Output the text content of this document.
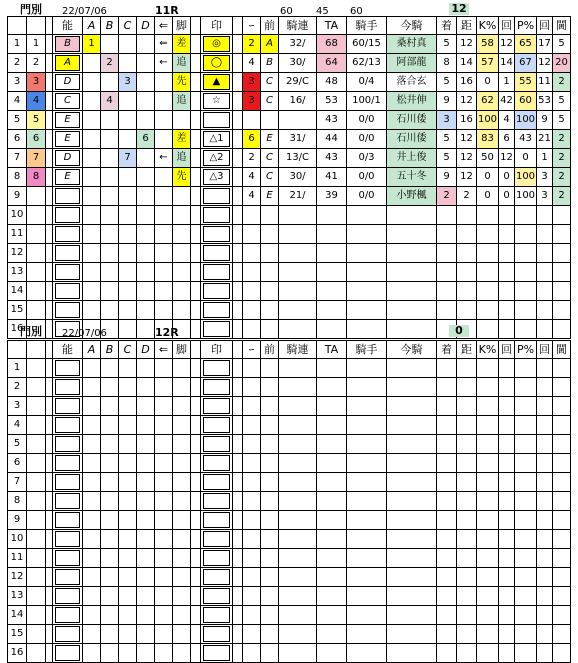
門別 22/07/06	11R	60 45 60	12
			能	A	B	C	D	⇐	脚		印		ｰ	前	騎連	TA	騎手	今騎	着	距	K%	回	P%	回	閫
1	1		B	1				⇐	差		◎		2	A	32/	68	60/15	桑村真	5	12	58	12	65	17	5
2	2		A		2			←	追		◯		4	B	30/	64	62/13	阿部龍	8	14	57	14	67	12	20
3	3		D			3			先		▲		3	C	29/C	48	0/4	落合玄	5	16	0	1	55	11	2
4	4		C		4				追		☆		3	C	16/	53	100/1	松井伸	9	12	62	42	60	53	5
5	5		E													43	0/0	石川倭	3	16	100	4	100	9	5
6	6		E				6		差		△1		6	E	31/	44	0/0	石川倭	5	12	83	6	43	21	2
7	7		D			7		←	追		△2		2	C	13/C	43	0/3	井上俊	5	12	50	12	0	1	2
8	8		E						先		△3		4	C	30/	41	0/0	五十冬	9	12	0	0	100	3	2
9													4	E	21/	39	0/0	小野楓	2	2	0	0	100	3	2
10			

11			

12			

13			

14			

15			

16			

門別 22/07/06	12R	0
			能	A	B	C	D	⇐	脚		印		ｰ	前	騎連	TA	騎手	今騎	着	距	K%	回	P%	回	閫
1			

2			

3			

4			

5			

6			

7			

8			

9			

10			

11			

12			

13			

14			

15			

16			
